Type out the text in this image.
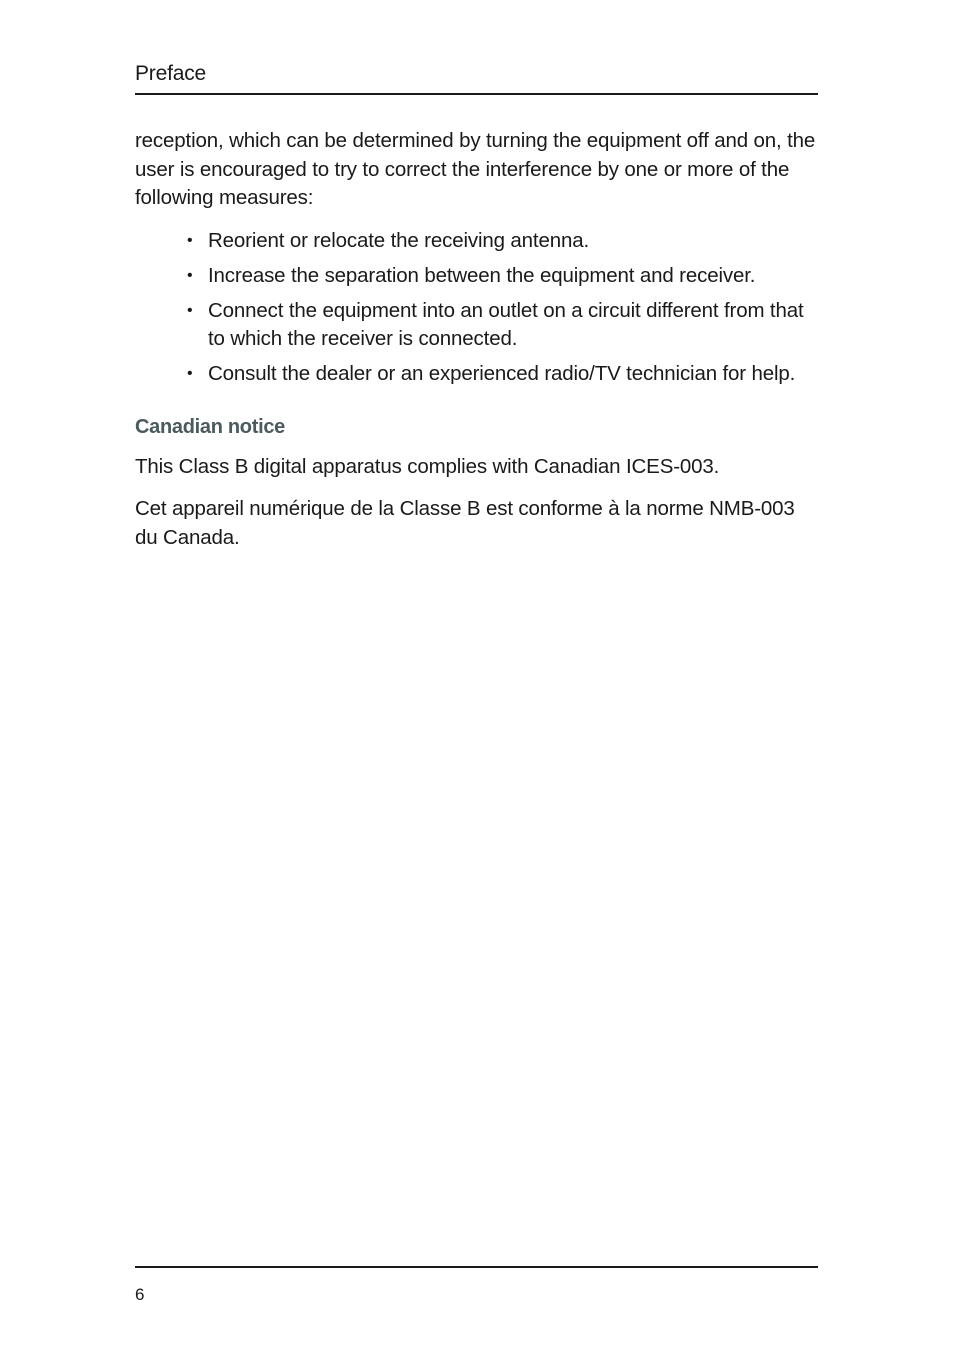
Preface

reception, which can be determined by turning the equipment off and on, the user is encouraged to try to correct the interference by one or more of the following measures:

• Reorient or relocate the receiving antenna.
• Increase the separation between the equipment and receiver.
• Connect the equipment into an outlet on a circuit different from that to which the receiver is connected.
• Consult the dealer or an experienced radio/TV technician for help.
Canadian notice

This Class B digital apparatus complies with Canadian ICES-003.

Cet appareil numérique de la Classe B est conforme à la norme NMB-003 du Canada.

6
